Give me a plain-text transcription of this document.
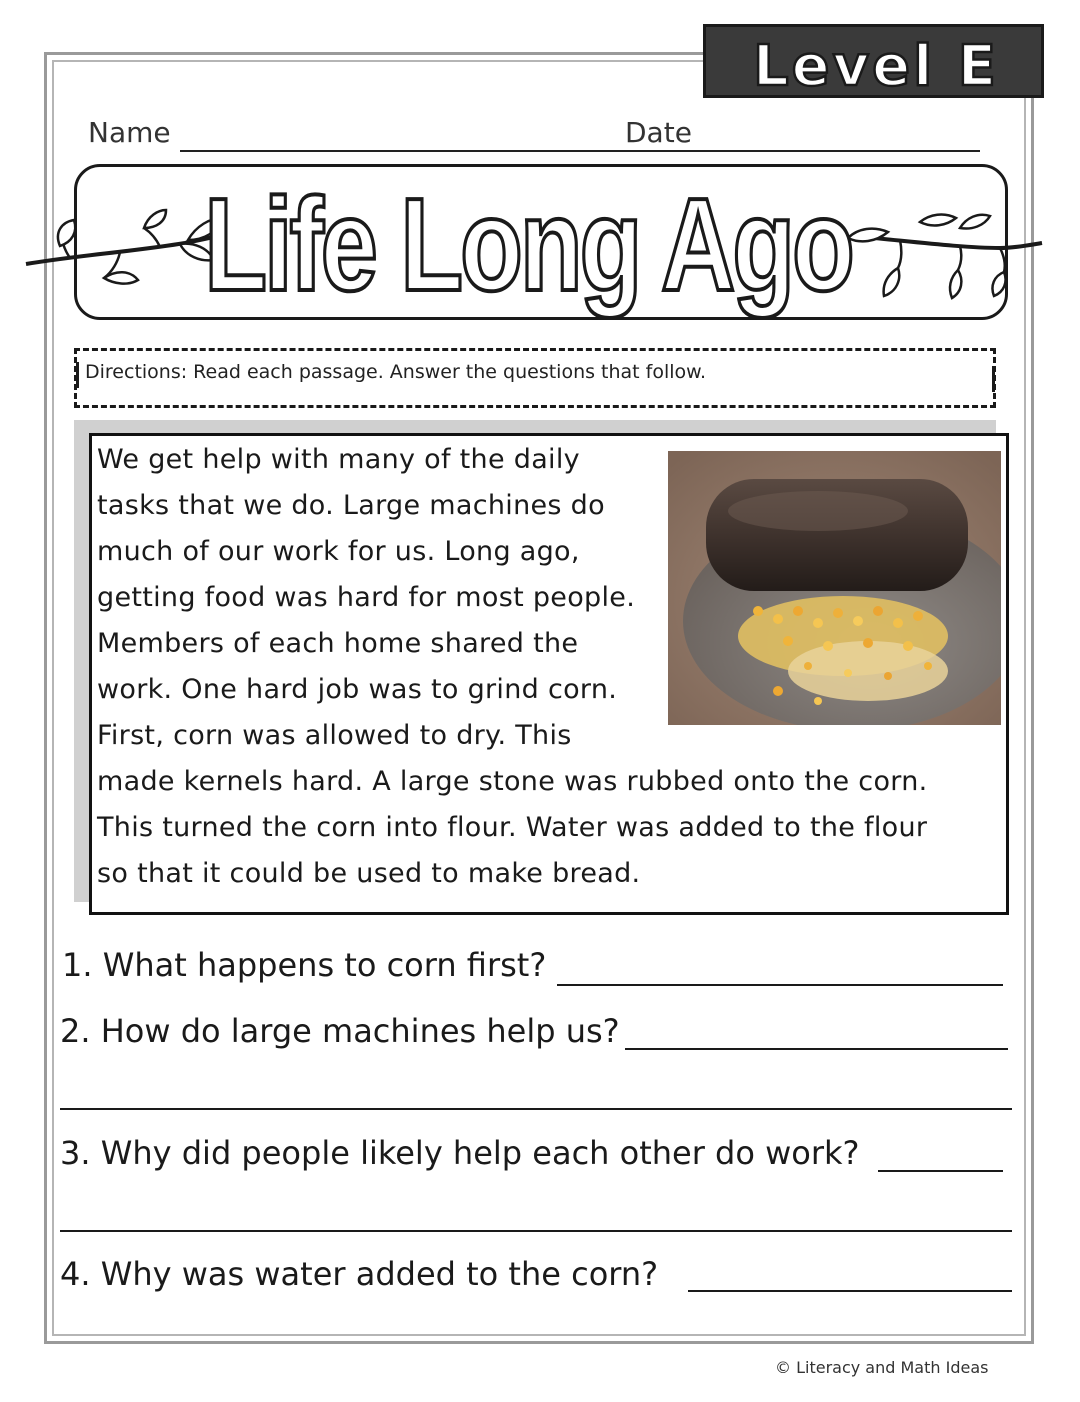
Level E
Name	Date
Life Long Ago
Directions: Read each passage. Answer the questions that follow.
We get help with many of the daily
tasks that we do. Large machines do
much of our work for us. Long ago,
getting food was hard for most people.
Members of each home shared the
work. One hard job was to grind corn.
First, corn was allowed to dry. This
made kernels hard. A large stone was rubbed onto the corn.
This turned the corn into flour. Water was added to the flour
so that it could be used to make bread.
1. What happens to corn first?
2. How do large machines help us?
3. Why did people likely help each other do work?
4. Why was water added to the corn?
© Literacy and Math Ideas
